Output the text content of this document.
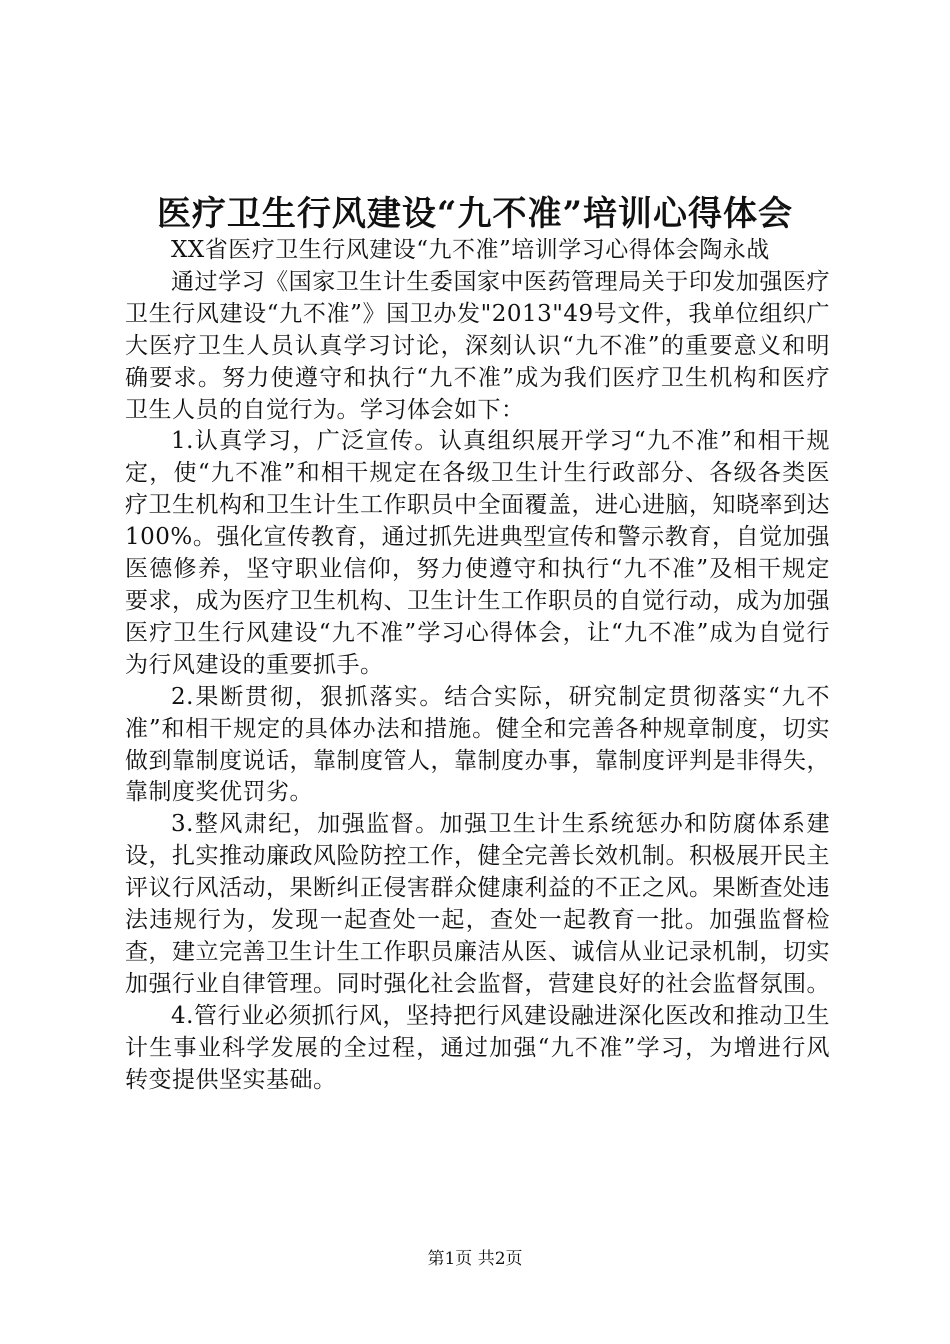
医疗卫生行风建设“九不准”培训心得体会

XX省医疗卫生行风建设“九不准”培训学习心得体会陶永战

通过学习《国家卫生计生委国家中医药管理局关于印发加强医疗卫生行风建设“九不准”》国卫办发"2013"49号文件，我单位组织广大医疗卫生人员认真学习讨论，深刻认识“九不准”的重要意义和明确要求。努力使遵守和执行“九不准”成为我们医疗卫生机构和医疗卫生人员的自觉行为。学习体会如下：

1.认真学习，广泛宣传。认真组织展开学习“九不准”和相干规定，使“九不准”和相干规定在各级卫生计生行政部分、各级各类医疗卫生机构和卫生计生工作职员中全面覆盖，进心进脑，知晓率到达100%。强化宣传教育，通过抓先进典型宣传和警示教育，自觉加强医德修养，坚守职业信仰，努力使遵守和执行“九不准”及相干规定要求，成为医疗卫生机构、卫生计生工作职员的自觉行动，成为加强医疗卫生行风建设“九不准”学习心得体会，让“九不准”成为自觉行为行风建设的重要抓手。

2.果断贯彻，狠抓落实。结合实际，研究制定贯彻落实“九不准”和相干规定的具体办法和措施。健全和完善各种规章制度，切实做到靠制度说话，靠制度管人，靠制度办事，靠制度评判是非得失，靠制度奖优罚劣。

3.整风肃纪，加强监督。加强卫生计生系统惩办和防腐体系建设，扎实推动廉政风险防控工作，健全完善长效机制。积极展开民主评议行风活动，果断纠正侵害群众健康利益的不正之风。果断查处违法违规行为，发现一起查处一起，查处一起教育一批。加强监督检查，建立完善卫生计生工作职员廉洁从医、诚信从业记录机制，切实加强行业自律管理。同时强化社会监督，营建良好的社会监督氛围。

4.管行业必须抓行风，坚持把行风建设融进深化医改和推动卫生计生事业科学发展的全过程，通过加强“九不准”学习，为增进行风转变提供坚实基础。

第1页 共2页
